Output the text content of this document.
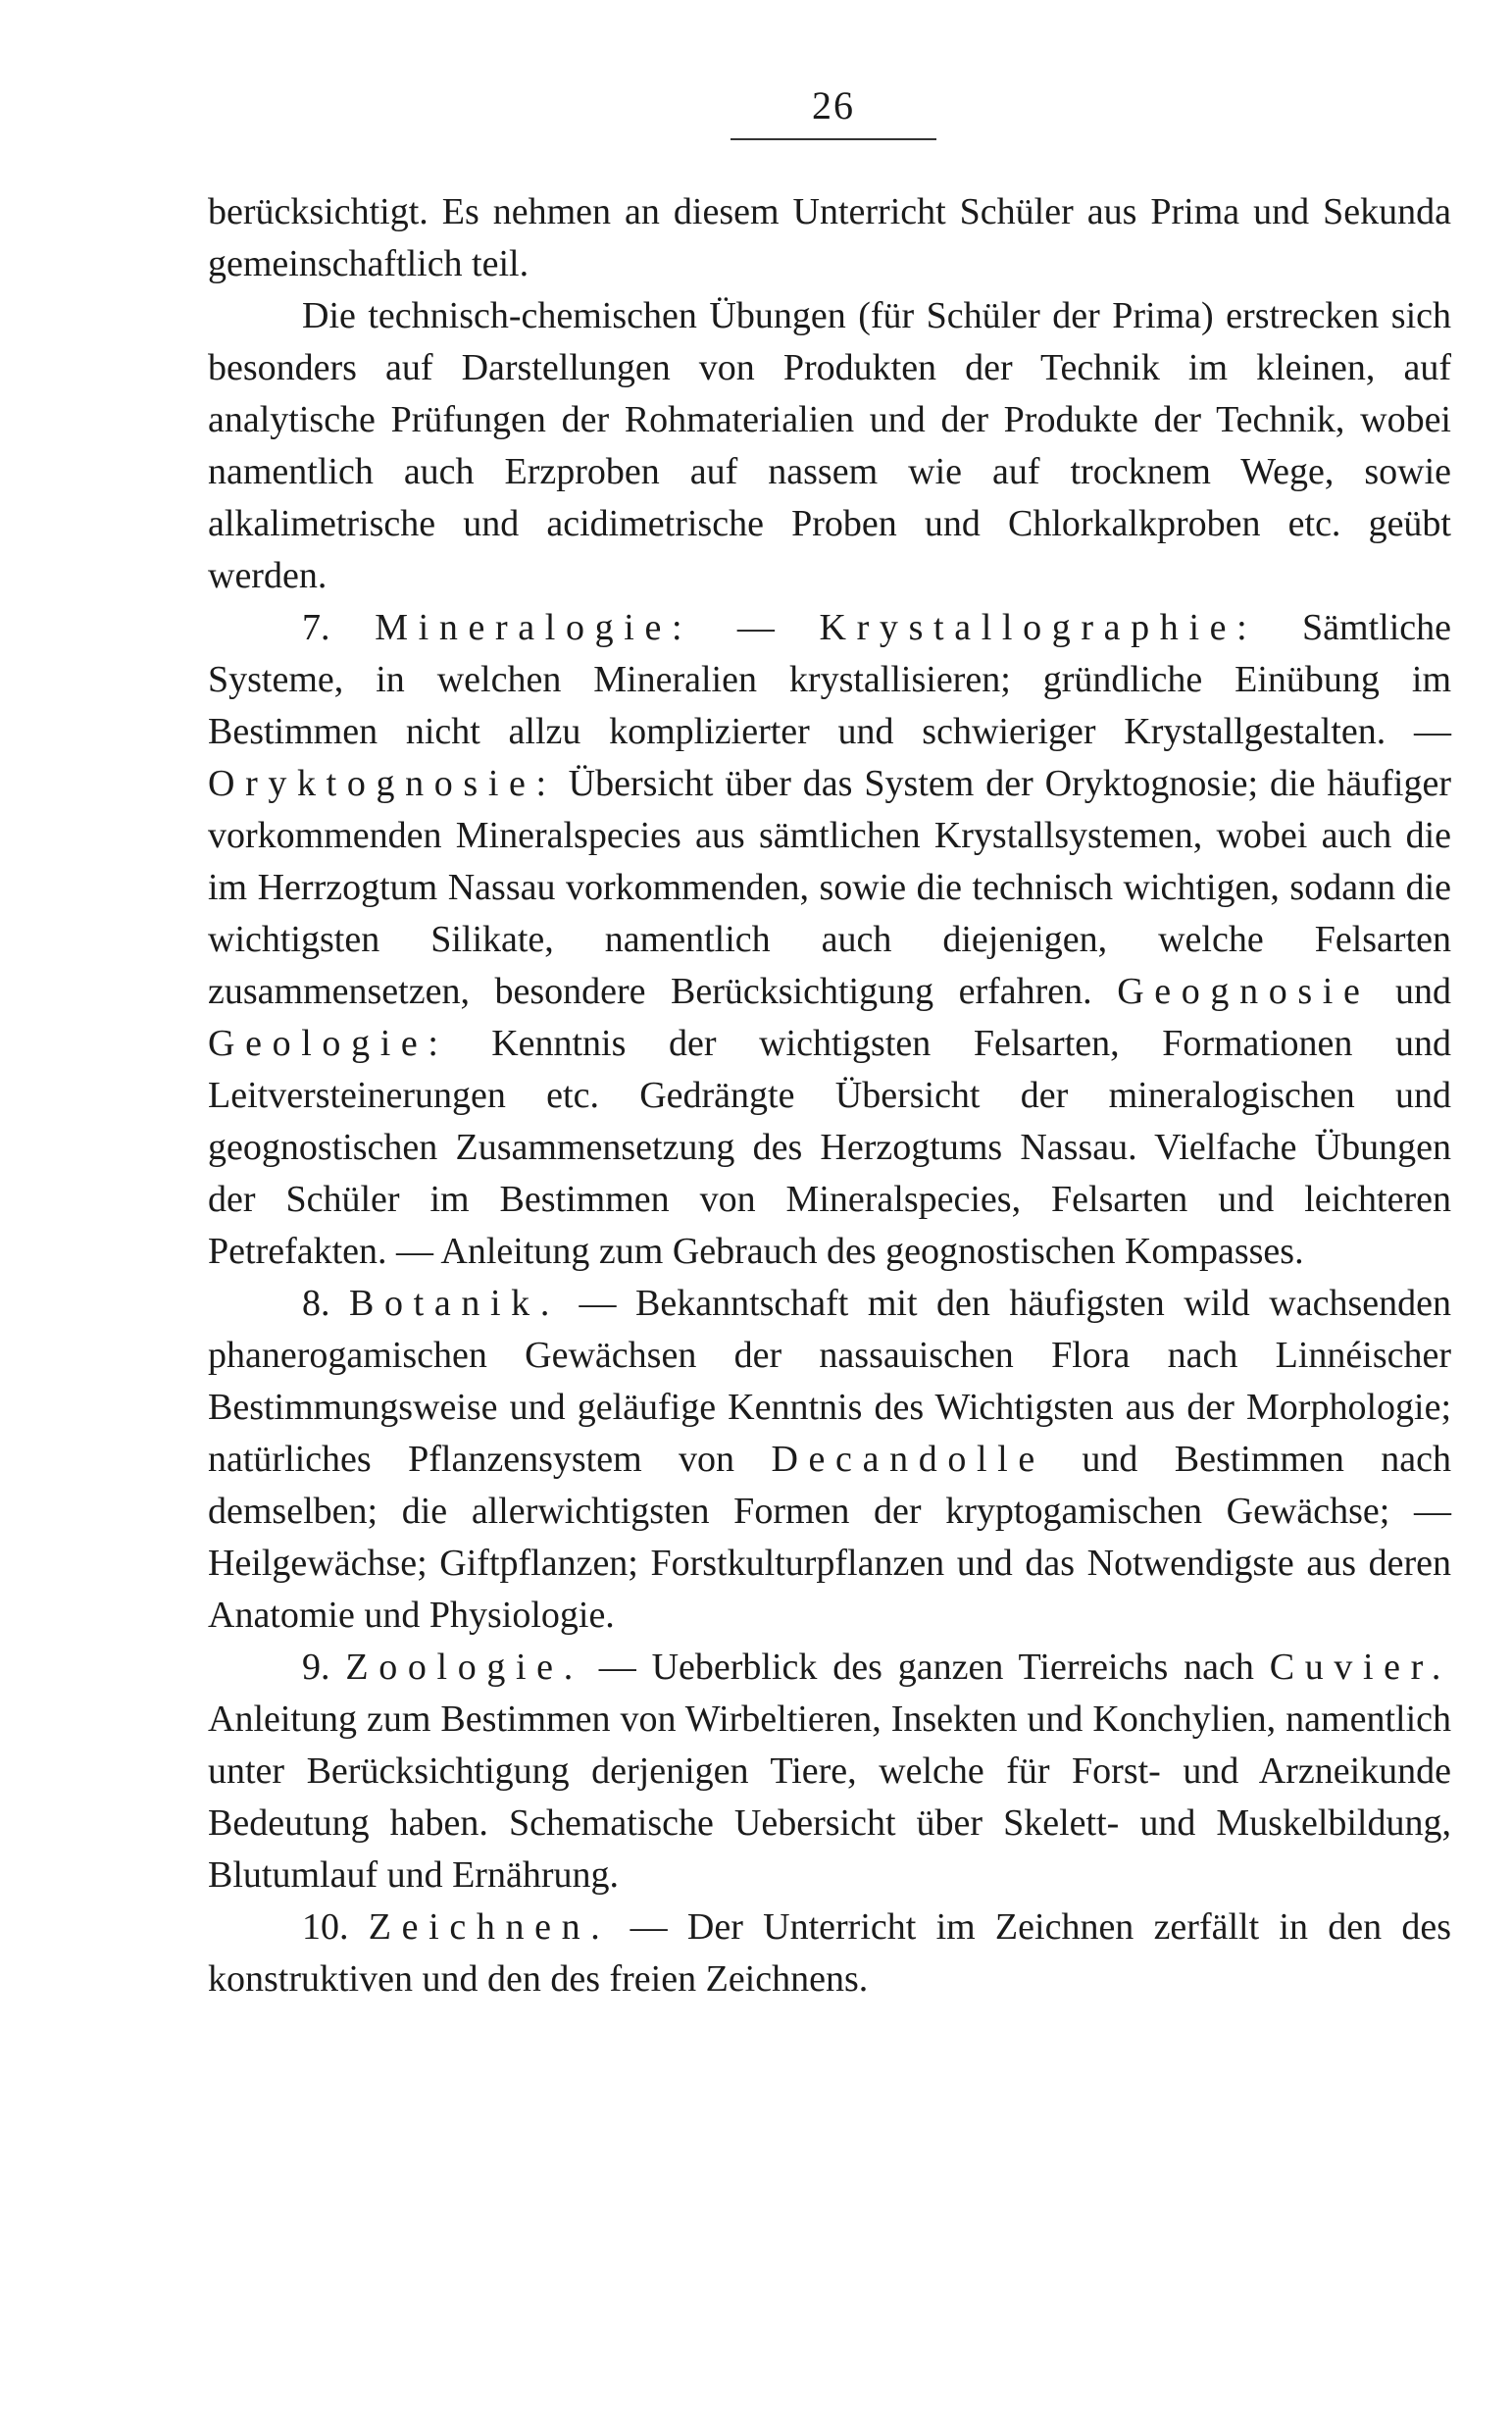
26

berücksichtigt. Es nehmen an diesem Unterricht Schüler aus Prima und Sekunda gemeinschaftlich teil.

Die technisch-chemischen Übungen (für Schüler der Prima) erstrecken sich besonders auf Darstellungen von Produkten der Technik im kleinen, auf analytische Prüfungen der Rohmaterialien und der Produkte der Technik, wobei namentlich auch Erzproben auf nassem wie auf trocknem Wege, sowie alkalimetrische und acidimetrische Proben und Chlorkalkproben etc. geübt werden.

7. Mineralogie: — Krystallographie: Sämtliche Systeme, in welchen Mineralien krystallisieren; gründliche Einübung im Bestimmen nicht allzu komplizierter und schwieriger Krystallgestalten. — Oryktognosie: Übersicht über das System der Oryktognosie; die häufiger vorkommenden Mineralspecies aus sämtlichen Krystallsystemen, wobei auch die im Herrzogtum Nassau vorkommenden, sowie die technisch wichtigen, sodann die wichtigsten Silikate, namentlich auch diejenigen, welche Felsarten zusammensetzen, besondere Berücksichtigung erfahren. Geognosie und Geologie: Kenntnis der wichtigsten Felsarten, Formationen und Leitversteinerungen etc. Gedrängte Übersicht der mineralogischen und geognostischen Zusammensetzung des Herzogtums Nassau. Vielfache Übungen der Schüler im Bestimmen von Mineralspecies, Felsarten und leichteren Petrefakten. — Anleitung zum Gebrauch des geognostischen Kompasses.

8. Botanik. — Bekanntschaft mit den häufigsten wild wachsenden phanerogamischen Gewächsen der nassauischen Flora nach Linnéischer Bestimmungsweise und geläufige Kenntnis des Wichtigsten aus der Morphologie; natürliches Pflanzensystem von Decandolle und Bestimmen nach demselben; die allerwichtigsten Formen der kryptogamischen Gewächse; — Heilgewächse; Giftpflanzen; Forstkulturpflanzen und das Notwendigste aus deren Anatomie und Physiologie.

9. Zoologie. — Ueberblick des ganzen Tierreichs nach Cuvier. Anleitung zum Bestimmen von Wirbeltieren, Insekten und Konchylien, namentlich unter Berücksichtigung derjenigen Tiere, welche für Forst- und Arzneikunde Bedeutung haben. Schematische Uebersicht über Skelett- und Muskelbildung, Blutumlauf und Ernährung.

10. Zeichnen. — Der Unterricht im Zeichnen zerfällt in den des konstruktiven und den des freien Zeichnens.
